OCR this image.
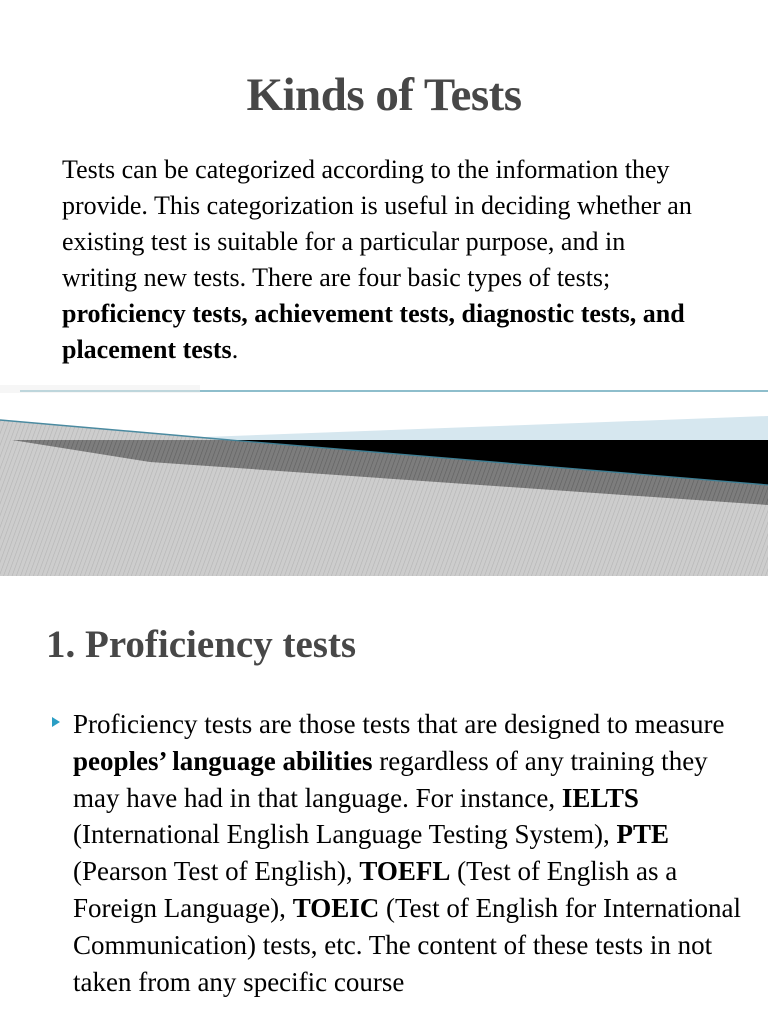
Kinds of Tests
Tests can be categorized according to the information they provide. This categorization is useful in deciding whether an existing test is suitable for a particular purpose, and in writing new tests. There are four basic types of tests; proficiency tests, achievement tests, diagnostic tests, and placement tests.
1. Proficiency tests
Proficiency tests are those tests that are designed to measure peoples’ language abilities regardless of any training they may have had in that language. For instance, IELTS (International English Language Testing System), PTE (Pearson Test of English), TOEFL (Test of English as a Foreign Language), TOEIC (Test of English for International Communication) tests, etc. The content of these tests in not taken from any specific course
